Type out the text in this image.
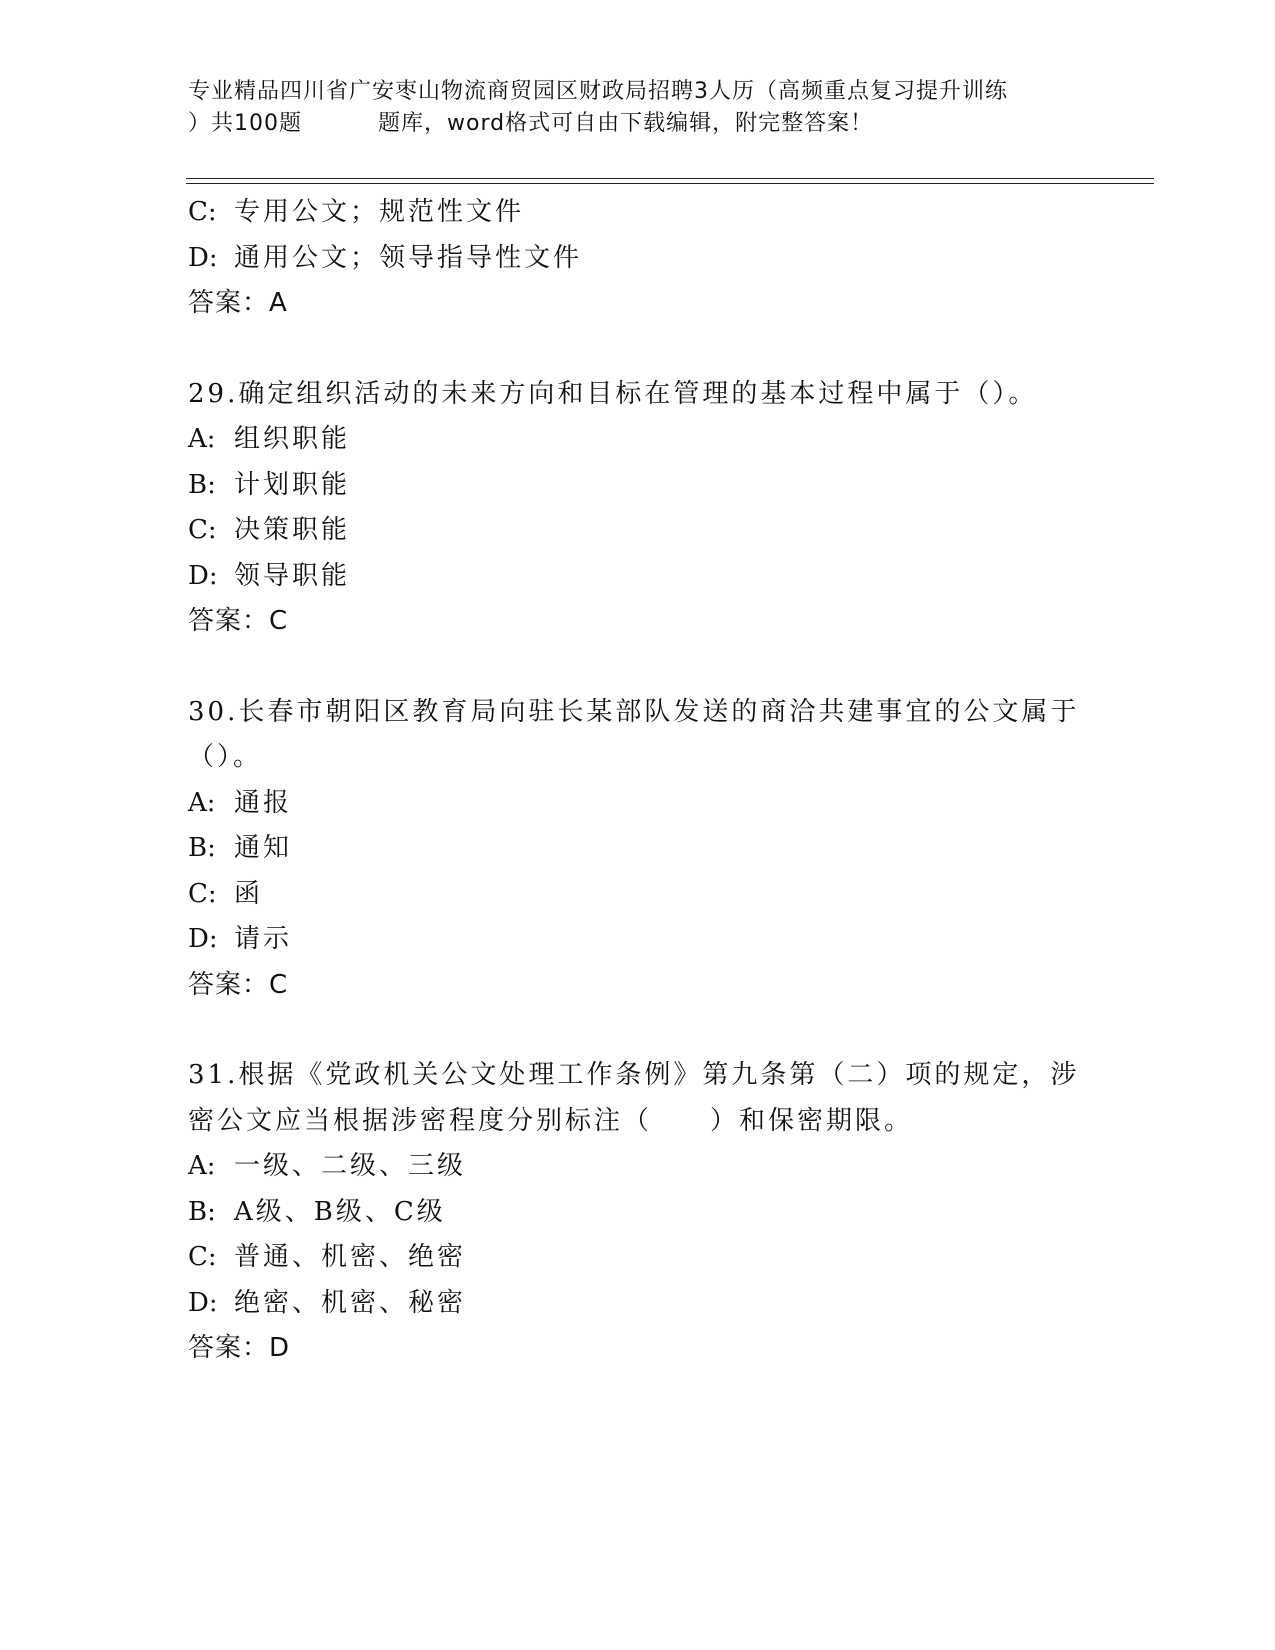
专业精品四川省广安枣山物流商贸园区财政局招聘3人历（高频重点复习提升训练
）共100题	题库，word格式可自由下载编辑，附完整答案！
C: 专用公文；规范性文件
D: 通用公文；领导指导性文件
答案：A
29.确定组织活动的未来方向和目标在管理的基本过程中属于（）。
A: 组织职能
B: 计划职能
C: 决策职能
D: 领导职能
答案：C
30.长春市朝阳区教育局向驻长某部队发送的商洽共建事宜的公文属于
（）。
A: 通报
B: 通知
C: 函
D: 请示
答案：C
31.根据《党政机关公文处理工作条例》第九条第（二）项的规定，涉
密公文应当根据涉密程度分别标注（　　）和保密期限。
A: 一级、二级、三级
B: A级、B级、C级
C: 普通、机密、绝密
D: 绝密、机密、秘密
答案：D
